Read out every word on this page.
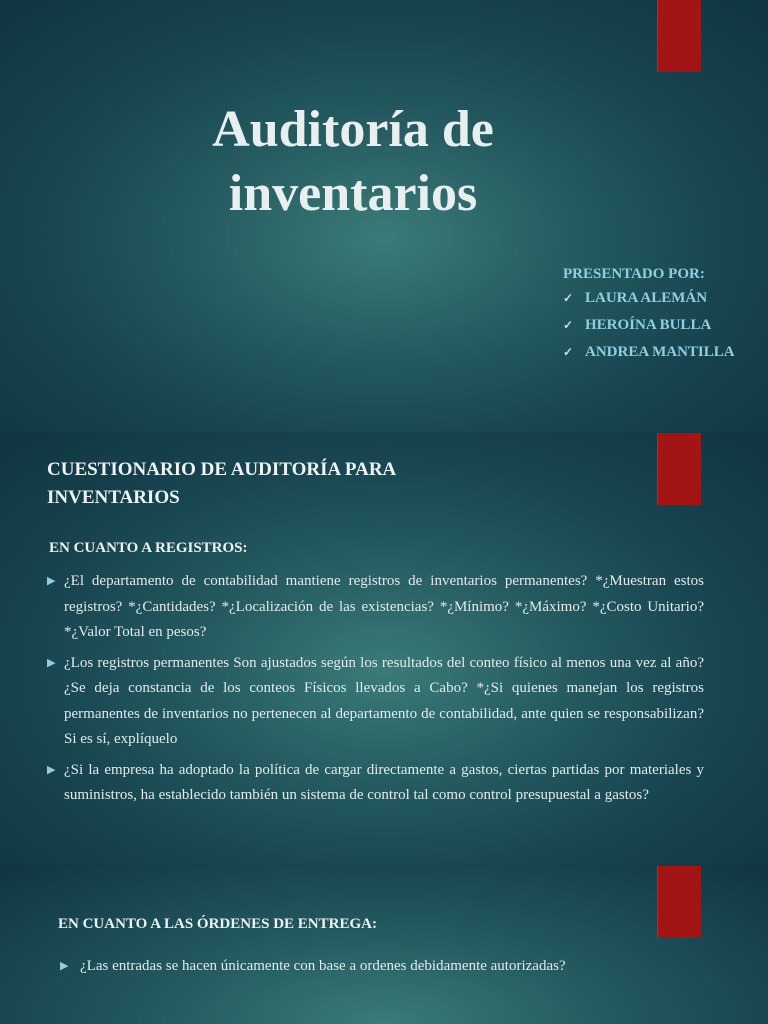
Auditoría de inventarios
PRESENTADO POR:
✓ LAURA ALEMÁN
✓ HEROÍNA BULLA
✓ ANDREA MANTILLA
CUESTIONARIO DE AUDITORÍA PARA INVENTARIOS
EN CUANTO A REGISTROS:
▶ ¿El departamento de contabilidad mantiene registros de inventarios permanentes? *¿Muestran estos registros? *¿Cantidades? *¿Localización de las existencias? *¿Mínimo? *¿Máximo? *¿Costo Unitario? *¿Valor Total en pesos?
▶ ¿Los registros permanentes Son ajustados según los resultados del conteo físico al menos una vez al año? ¿Se deja constancia de los conteos Físicos llevados a Cabo? *¿Si quienes manejan los registros permanentes de inventarios no pertenecen al departamento de contabilidad, ante quien se responsabilizan? Si es sí, explíquelo
▶ ¿Si la empresa ha adoptado la política de cargar directamente a gastos, ciertas partidas por materiales y suministros, ha establecido también un sistema de control tal como control presupuestal a gastos?
EN CUANTO A LAS ÓRDENES DE ENTREGA:
▶ ¿Las entradas se hacen únicamente con base a ordenes debidamente autorizadas?
